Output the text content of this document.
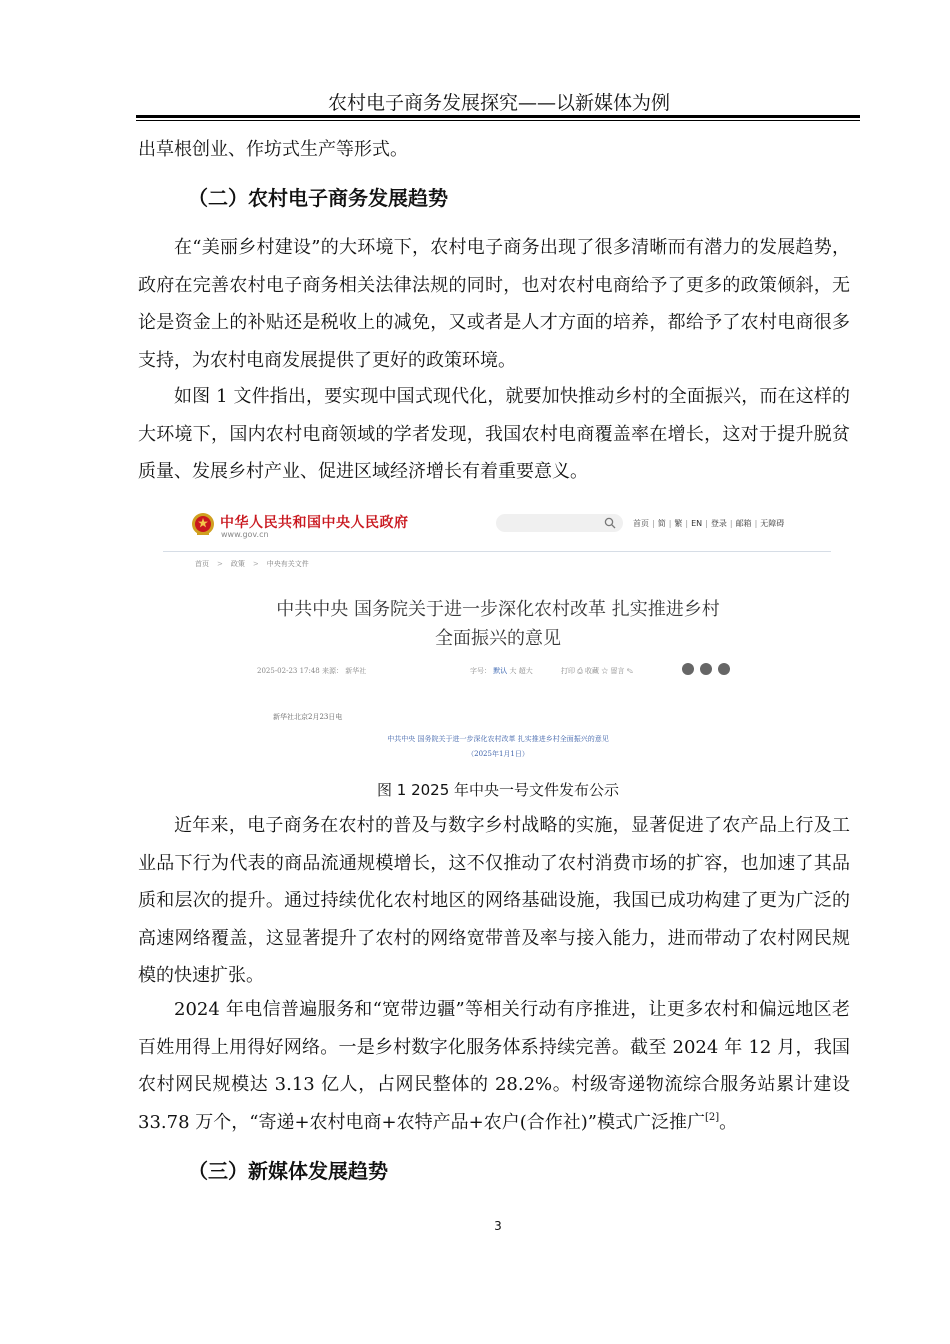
农村电子商务发展探究——以新媒体为例
出草根创业、作坊式生产等形式。
（二）农村电子商务发展趋势
在“美丽乡村建设”的大环境下，农村电子商务出现了很多清晰而有潜力的发展趋势，政府在完善农村电子商务相关法律法规的同时，也对农村电商给予了更多的政策倾斜，无论是资金上的补贴还是税收上的减免，又或者是人才方面的培养，都给予了农村电商很多支持，为农村电商发展提供了更好的政策环境。
如图 1 文件指出，要实现中国式现代化，就要加快推动乡村的全面振兴，而在这样的大环境下，国内农村电商领域的学者发现，我国农村电商覆盖率在增长，这对于提升脱贫质量、发展乡村产业、促进区域经济增长有着重要意义。
中华人民共和国中央人民政府
www.gov.cn
首页 | 简 | 繁 | EN | 登录 | 邮箱 | 无障碍
首页 > 政策 > 中央有关文件
中共中央 国务院关于进一步深化农村改革 扎实推进乡村
全面振兴的意见
2025-02-23 17:48 来源： 新华社	字号： 默认 大 超大	打印 ⎙ 收藏 ☆ 留言 ✎
新华社北京2月23日电
中共中央 国务院关于进一步深化农村改革 扎实推进乡村全面振兴的意见
（2025年1月1日）
图 1 2025 年中央一号文件发布公示
近年来，电子商务在农村的普及与数字乡村战略的实施，显著促进了农产品上行及工业品下行为代表的商品流通规模增长，这不仅推动了农村消费市场的扩容，也加速了其品质和层次的提升。通过持续优化农村地区的网络基础设施，我国已成功构建了更为广泛的高速网络覆盖，这显著提升了农村的网络宽带普及率与接入能力，进而带动了农村网民规模的快速扩张。
2024 年电信普遍服务和“宽带边疆”等相关行动有序推进，让更多农村和偏远地区老百姓用得上用得好网络。一是乡村数字化服务体系持续完善。截至 2024 年 12 月，我国农村网民规模达 3.13 亿人，占网民整体的 28.2%。村级寄递物流综合服务站累计建设 33.78 万个，“寄递+农村电商+农特产品+农户(合作社)”模式广泛推广[2]。
（三）新媒体发展趋势
3
